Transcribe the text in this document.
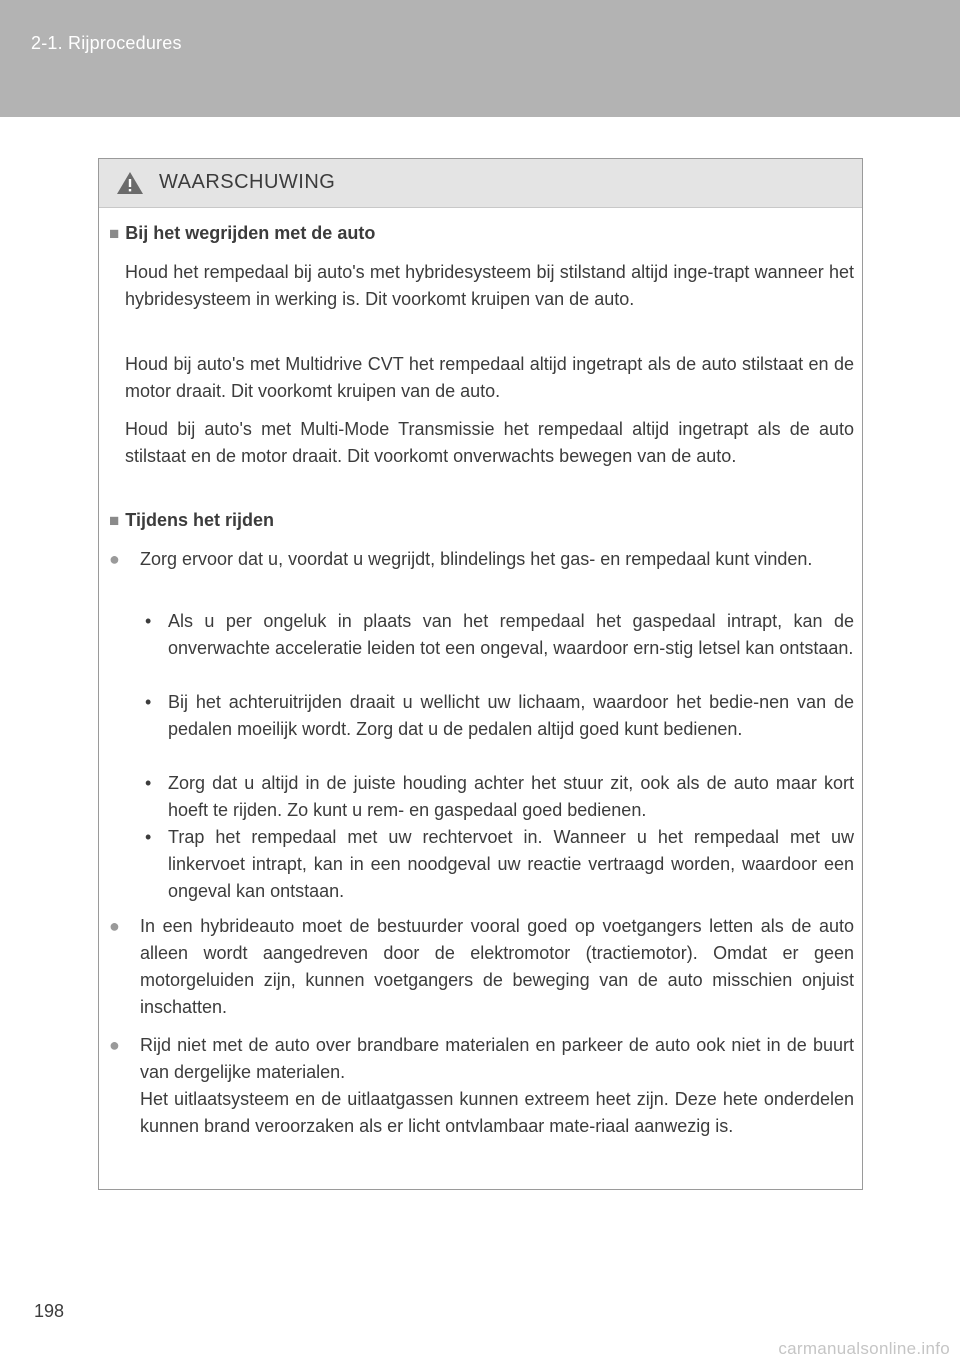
2-1. Rijprocedures
WAARSCHUWING
■ Bij het wegrijden met de auto
Houd het rempedaal bij auto's met hybridesysteem bij stilstand altijd inge-trapt wanneer het hybridesysteem in werking is. Dit voorkomt kruipen van de auto.
Houd bij auto's met Multidrive CVT het rempedaal altijd ingetrapt als de auto stilstaat en de motor draait. Dit voorkomt kruipen van de auto.
Houd bij auto's met Multi-Mode Transmissie het rempedaal altijd ingetrapt als de auto stilstaat en de motor draait. Dit voorkomt onverwachts bewegen van de auto.
■ Tijdens het rijden
● Zorg ervoor dat u, voordat u wegrijdt, blindelings het gas- en rempedaal kunt vinden.
• Als u per ongeluk in plaats van het rempedaal het gaspedaal intrapt, kan de onverwachte acceleratie leiden tot een ongeval, waardoor ern-stig letsel kan ontstaan.
• Bij het achteruitrijden draait u wellicht uw lichaam, waardoor het bedie-nen van de pedalen moeilijk wordt. Zorg dat u de pedalen altijd goed kunt bedienen.
• Zorg dat u altijd in de juiste houding achter het stuur zit, ook als de auto maar kort hoeft te rijden. Zo kunt u rem- en gaspedaal goed bedienen.
• Trap het rempedaal met uw rechtervoet in. Wanneer u het rempedaal met uw linkervoet intrapt, kan in een noodgeval uw reactie vertraagd worden, waardoor een ongeval kan ontstaan.
● In een hybrideauto moet de bestuurder vooral goed op voetgangers letten als de auto alleen wordt aangedreven door de elektromotor (tractiemotor). Omdat er geen motorgeluiden zijn, kunnen voetgangers de beweging van de auto misschien onjuist inschatten.
● Rijd niet met de auto over brandbare materialen en parkeer de auto ook niet in de buurt van dergelijke materialen.
Het uitlaatsysteem en de uitlaatgassen kunnen extreem heet zijn. Deze hete onderdelen kunnen brand veroorzaken als er licht ontvlambaar mate-riaal aanwezig is.
198
carmanualsonline.info
